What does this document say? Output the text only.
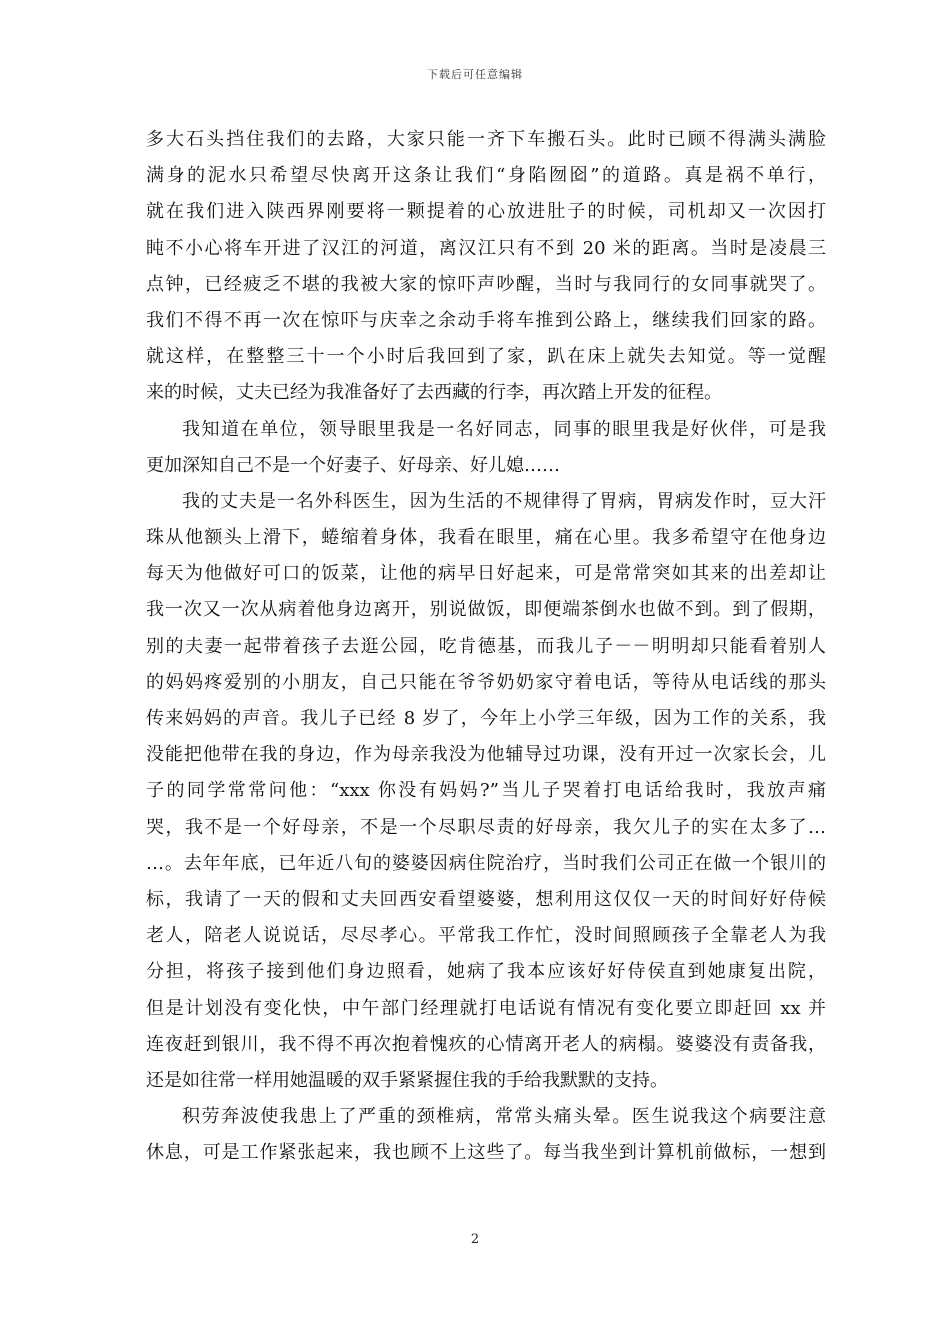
下载后可任意编辑
多大石头挡住我们的去路，大家只能一齐下车搬石头。此时已顾不得满头满脸
满身的泥水只希望尽快离开这条让我们“身陷囫囵”的道路。真是祸不单行，
就在我们进入陕西界刚要将一颗提着的心放进肚子的时候，司机却又一次因打
盹不小心将车开进了汉江的河道，离汉江只有不到 20 米的距离。当时是凌晨三
点钟，已经疲乏不堪的我被大家的惊吓声吵醒，当时与我同行的女同事就哭了。
我们不得不再一次在惊吓与庆幸之余动手将车推到公路上，继续我们回家的路。
就这样，在整整三十一个小时后我回到了家，趴在床上就失去知觉。等一觉醒
来的时候，丈夫已经为我准备好了去西藏的行李，再次踏上开发的征程。
我知道在单位，领导眼里我是一名好同志，同事的眼里我是好伙伴，可是我
更加深知自己不是一个好妻子、好母亲、好儿媳……
我的丈夫是一名外科医生，因为生活的不规律得了胃病，胃病发作时，豆大汗
珠从他额头上滑下，蜷缩着身体，我看在眼里，痛在心里。我多希望守在他身边
每天为他做好可口的饭菜，让他的病早日好起来，可是常常突如其来的出差却让
我一次又一次从病着他身边离开，别说做饭，即便端茶倒水也做不到。到了假期，
别的夫妻一起带着孩子去逛公园，吃肯德基，而我儿子－－明明却只能看着别人
的妈妈疼爱别的小朋友，自己只能在爷爷奶奶家守着电话，等待从电话线的那头
传来妈妈的声音。我儿子已经 8 岁了，今年上小学三年级，因为工作的关系，我
没能把他带在我的身边，作为母亲我没为他辅导过功课，没有开过一次家长会，儿
子的同学常常问他：“xxx 你没有妈妈?”当儿子哭着打电话给我时，我放声痛
哭，我不是一个好母亲，不是一个尽职尽责的好母亲，我欠儿子的实在太多了…
…。去年年底，已年近八旬的婆婆因病住院治疗，当时我们公司正在做一个银川的
标，我请了一天的假和丈夫回西安看望婆婆，想利用这仅仅一天的时间好好侍候
老人，陪老人说说话，尽尽孝心。平常我工作忙，没时间照顾孩子全靠老人为我
分担，将孩子接到他们身边照看，她病了我本应该好好侍侯直到她康复出院，
但是计划没有变化快，中午部门经理就打电话说有情况有变化要立即赶回 xx 并
连夜赶到银川，我不得不再次抱着愧疚的心情离开老人的病榻。婆婆没有责备我，
还是如往常一样用她温暖的双手紧紧握住我的手给我默默的支持。
积劳奔波使我患上了严重的颈椎病，常常头痛头晕。医生说我这个病要注意
休息，可是工作紧张起来，我也顾不上这些了。每当我坐到计算机前做标，一想到
2
